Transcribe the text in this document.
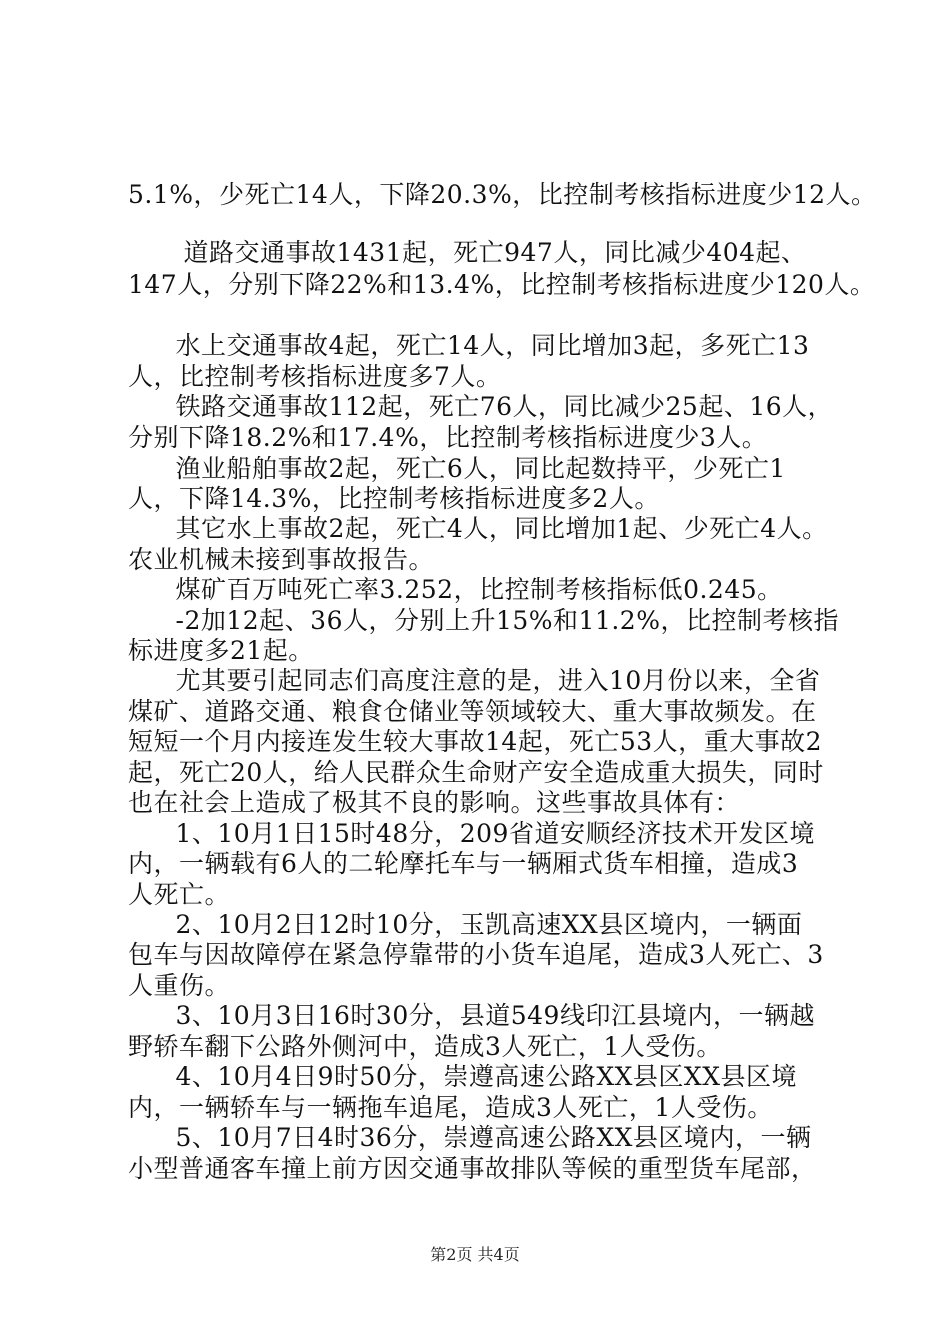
5.1%，少死亡14人，下降20.3%，比控制考核指标进度少12人。
　道路交通事故1431起，死亡947人，同比减少404起、
147人，分别下降22%和13.4%，比控制考核指标进度少120人。
　水上交通事故4起，死亡14人，同比增加3起，多死亡13
人，比控制考核指标进度多7人。
　铁路交通事故112起，死亡76人，同比减少25起、16人，
分别下降18.2%和17.4%，比控制考核指标进度少3人。
　渔业船舶事故2起，死亡6人，同比起数持平，少死亡1
人，下降14.3%，比控制考核指标进度多2人。
　其它水上事故2起，死亡4人，同比增加1起、少死亡4人。
农业机械未接到事故报告。
　煤矿百万吨死亡率3.252，比控制考核指标低0.245。
　-2加12起、36人，分别上升15%和11.2%，比控制考核指
标进度多21起。
　尤其要引起同志们高度注意的是，进入10月份以来，全省
煤矿、道路交通、粮食仓储业等领域较大、重大事故频发。在
短短一个月内接连发生较大事故14起，死亡53人，重大事故2
起，死亡20人，给人民群众生命财产安全造成重大损失，同时
也在社会上造成了极其不良的影响。这些事故具体有：
　1、10月1日15时48分，209省道安顺经济技术开发区境
内，一辆载有6人的二轮摩托车与一辆厢式货车相撞，造成3
人死亡。
　2、10月2日12时10分，玉凯高速XX县区境内，一辆面
包车与因故障停在紧急停靠带的小货车追尾，造成3人死亡、3
人重伤。
　3、10月3日16时30分，县道549线印江县境内，一辆越
野轿车翻下公路外侧河中，造成3人死亡，1人受伤。
　4、10月4日9时50分，崇遵高速公路XX县区XX县区境
内，一辆轿车与一辆拖车追尾，造成3人死亡，1人受伤。
　5、10月7日4时36分，崇遵高速公路XX县区境内，一辆
小型普通客车撞上前方因交通事故排队等候的重型货车尾部，
第2页 共4页
